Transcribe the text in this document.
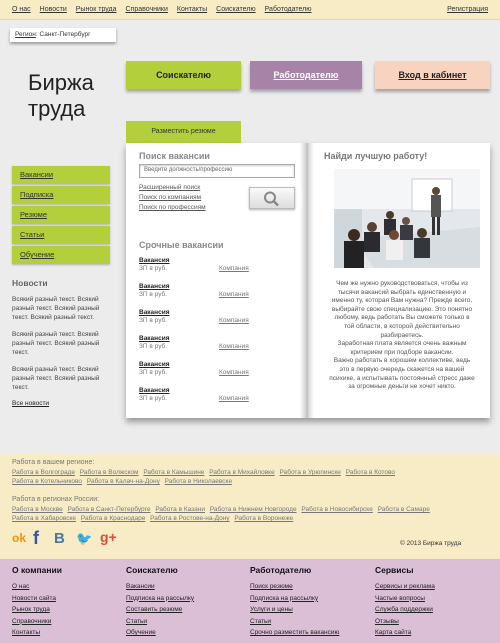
О нас Новости Рынок труда Справочники Контакты Соискателю Работодателю	Регистрация
Регион: Санкт-Петербург
Биржа
труда
Соискателю	Работодателю	Вход в кабинет
Разместить резюме
Вакансии
Подписка
Резюме
Статьи
Обучение
Новости

Всякий разный текст. Всякий разный текст. Всякий разный текст. Всякий разный текст.

Всякий разный текст. Всякий разный текст. Всякий разный текст.

Всякий разный текст. Всякий разный текст. Всякий разный текст.

Все новости
Поиск вакансии
Введите должность/профессию
Расширенный поиск
Поиск по компаниям
Поиск по профессиям
Срочные вакансии
Вакансия
ЗП в руб.	Компания
Вакансия
ЗП в руб.	Компания
Вакансия
ЗП в руб.	Компания
Вакансия
ЗП в руб.	Компания
Вакансия
ЗП в руб.	Компания
Вакансия
ЗП в руб.	Компания
Найди лучшую работу!
Чем же нужно руководствоваться, чтобы из тысячи вакансий выбрать единственную и именно ту, которая Вам нужна? Прежде всего, выбирайте свою специализацию. Это понятно любому, ведь работать Вы сможете только в той области, в которой действительно разбираетесь.
Заработная плата является очень важным критерием при подборе вакансии.
Важно работать в хорошем коллективе, ведь это в первую очередь скажется на вашей психике, а испытывать постоянный стресс даже за огромные деньги не хочет никто.
Работа в вашем регионе:
Работа в Волгограде Работа в Волжском Работа в Камышине Работа в Михайловке Работа в Урюпинске Работа в Котово
Работа в Котельниково Работа в Калач-на-Дону Работа в Николаевске
Работа в регионах России:
Работа в Москве Работа в Санкт-Петербурге Работа в Казани Работа в Нижнем Новгороде Работа в Новосибирске Работа в Самаре
Работа в Хабаровске Работа в Краснодаре Работа в Ростове-на-Дону Работа в Воронеже
ok f B 🐦 g+	© 2013 Биржа труда
О компании
О нас
Новости сайта
Рынок труда
Справочники
Контакты
Соискателю
Вакансии
Подписка на рассылку
Составить резюме
Статьи
Обучение
Работодателю
Поиск резюме
Подписка на рассылку
Услуги и цены
Статьи
Срочно разместить вакансию
Сервисы
Сервисы и реклама
Частые вопросы
Служба поддержки
Отзывы
Карта сайта
